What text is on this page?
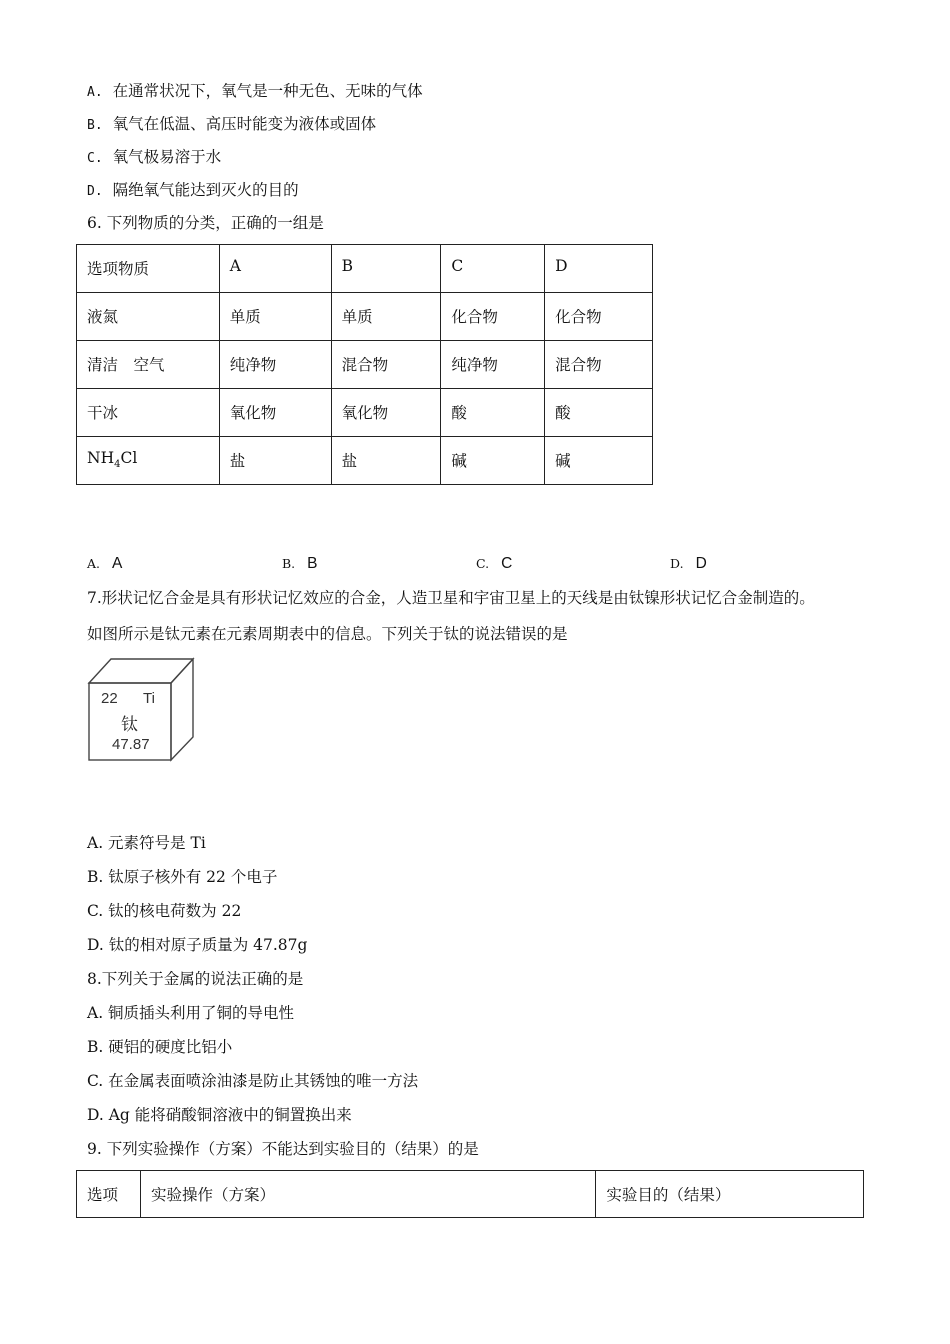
A. 在通常状况下，氧气是一种无色、无味的气体
B. 氧气在低温、高压时能变为液体或固体
C. 氧气极易溶于水
D. 隔绝氧气能达到灭火的目的
6. 下列物质的分类，正确的一组是
选项物质	A	B	C	D
液氮	单质	单质	化合物	化合物
清洁　空气	纯净物	混合物	纯净物	混合物
干冰	氧化物	氧化物	酸	酸
$NH_4Cl$	盐	盐	碱	碱
A. A	B. B	C. C	D. D
7.形状记忆合金是具有形状记忆效应的合金，人造卫星和宇宙卫星上的天线是由钛镍形状记忆合金制造的。
如图所示是钛元素在元素周期表中的信息。下列关于钛的说法错误的是
22 Ti
钛
47.87
A. 元素符号是 Ti
B. 钛原子核外有 22 个电子
C. 钛的核电荷数为 22
D. 钛的相对原子质量为 47.87g
8.下列关于金属的说法正确的是
A. 铜质插头利用了铜的导电性
B. 硬铝的硬度比铝小
C. 在金属表面喷涂油漆是防止其锈蚀的唯一方法
D. Ag 能将硝酸铜溶液中的铜置换出来
9. 下列实验操作（方案）不能达到实验目的（结果）的是
选项	实验操作（方案）	实验目的（结果）
